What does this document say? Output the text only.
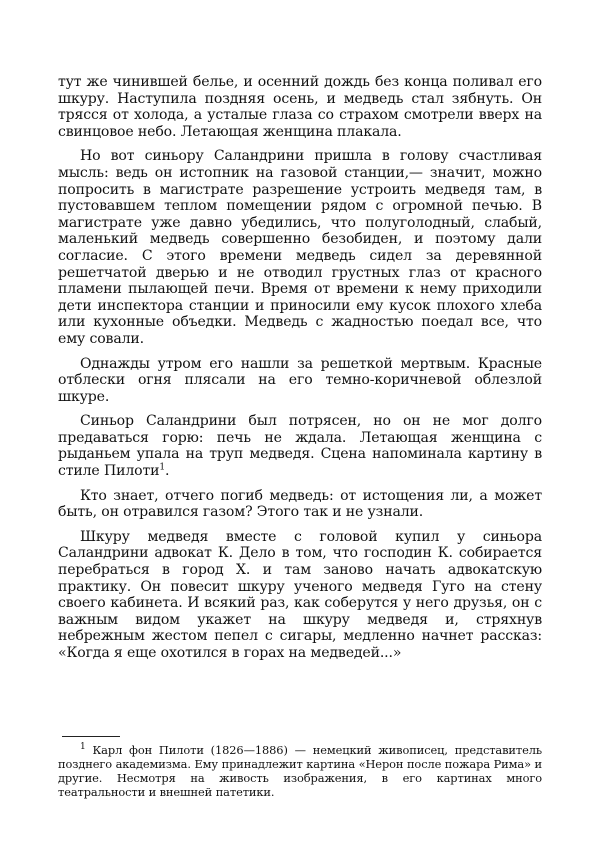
тут же чинившей белье, и осенний дождь без конца поливал его шкуру. Наступила поздняя осень, и медведь стал зябнуть. Он трясся от холода, а усталые глаза со страхом смотрели вверх на свинцовое небо. Летающая женщина плакала.

Но вот синьору Саландрини пришла в голову счастливая мысль: ведь он истопник на газовой станции,— значит, можно попросить в магистрате разрешение устроить медведя там, в пустовавшем теплом помещении рядом с огромной печью. В магистрате уже давно убедились, что полуголодный, слабый, маленький медведь совершенно безобиден, и поэтому дали согласие. С этого времени медведь сидел за деревянной решетчатой дверью и не отводил грустных глаз от красного пламени пылающей печи. Время от времени к нему приходили дети инспектора станции и приносили ему кусок плохого хлеба или кухонные объедки. Медведь с жадностью поедал все, что ему совали.

Однажды утром его нашли за решеткой мертвым. Красные отблески огня плясали на его темно-коричневой облезлой шкуре.

Синьор Саландрини был потрясен, но он не мог долго предаваться горю: печь не ждала. Летающая женщина с рыданьем упала на труп медведя. Сцена напоминала картину в стиле Пилоти$^1$.

Кто знает, отчего погиб медведь: от истощения ли, а может быть, он отравился газом? Этого так и не узнали.

Шкуру медведя вместе с головой купил у синьора Саландрини адвокат К. Дело в том, что господин К. собирается перебраться в город Х. и там заново начать адвокатскую практику. Он повесит шкуру ученого медведя Гуго на стену своего кабинета. И всякий раз, как соберутся у него друзья, он с важным видом укажет на шкуру медведя и, стряхнув небрежным жестом пепел с сигары, медленно начнет рассказ: «Когда я еще охотился в горах на медведей...»

$^1$ Карл фон Пилоти (1826—1886) — немецкий живописец, представитель позднего академизма. Ему принадлежит картина «Нерон после пожара Рима» и другие. Несмотря на живость изображения, в его картинах много театральности и внешней патетики.
